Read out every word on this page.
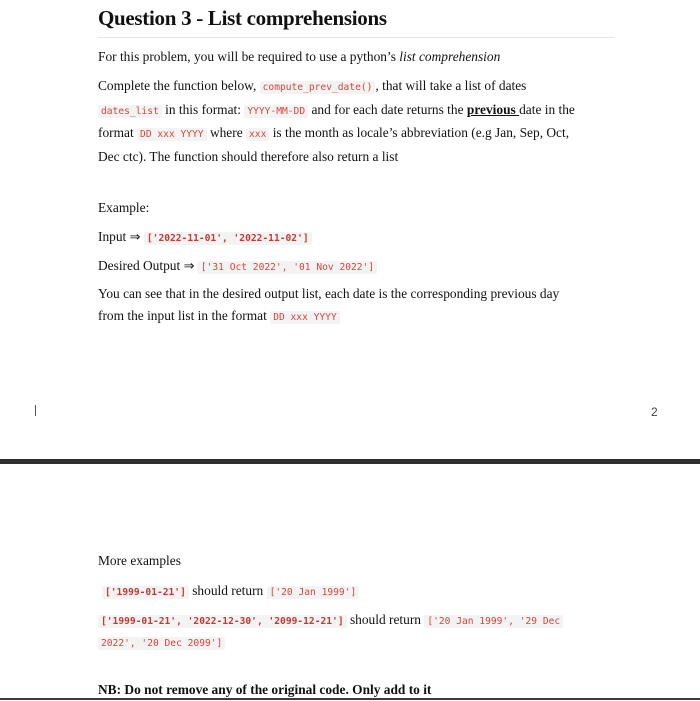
Question 3 - List comprehensions

For this problem, you will be required to use a python’s list comprehension

Complete the function below, compute_prev_date() , that will take a list of dates
dates_list in this format: YYYY-MM-DD and for each date returns the previous date in the
format DD xxx YYYY where xxx is the month as locale’s abbreviation (e.g Jan, Sep, Oct,
Dec ctc). The function should therefore also return a list

Example:

Input ⇒ ['2022-11-01', '2022-11-02']

Desired Output ⇒ ['31 Oct 2022', '01 Nov 2022']

You can see that in the desired output list, each date is the corresponding previous day
from the input list in the format DD xxx YYYY
2

More examples

['1999-01-21'] should return ['20 Jan 1999']

['1999-01-21', '2022-12-30', '2099-12-21'] should return ['20 Jan 1999', '29 Dec
2022', '20 Dec 2099']

NB: Do not remove any of the original code. Only add to it
